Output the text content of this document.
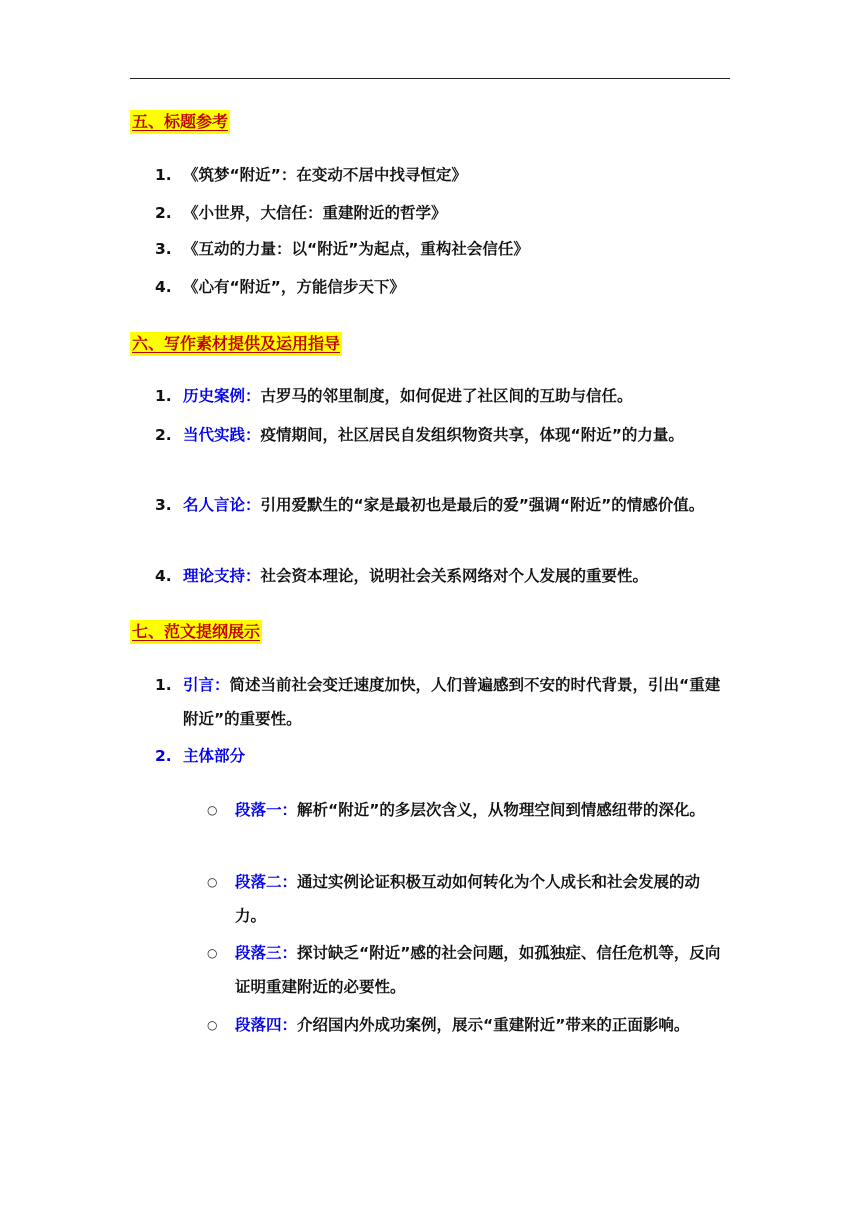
五、标题参考
1. 《筑梦“附近”：在变动不居中找寻恒定》
2. 《小世界，大信任：重建附近的哲学》
3. 《互动的力量：以“附近”为起点，重构社会信任》
4. 《心有“附近”，方能信步天下》
六、写作素材提供及运用指导
1. 历史案例：古罗马的邻里制度，如何促进了社区间的互助与信任。
2. 当代实践：疫情期间，社区居民自发组织物资共享，体现“附近”的力量。
3. 名人言论：引用爱默生的“家是最初也是最后的爱”强调“附近”的情感价值。
4. 理论支持：社会资本理论，说明社会关系网络对个人发展的重要性。
七、范文提纲展示
1. 引言：简述当前社会变迁速度加快，人们普遍感到不安的时代背景，引出“重建附近”的重要性。
2. 主体部分
○ 段落一：解析“附近”的多层次含义，从物理空间到情感纽带的深化。
○ 段落二：通过实例论证积极互动如何转化为个人成长和社会发展的动力。
○ 段落三：探讨缺乏“附近”感的社会问题，如孤独症、信任危机等，反向证明重建附近的必要性。
○ 段落四：介绍国内外成功案例，展示“重建附近”带来的正面影响。
